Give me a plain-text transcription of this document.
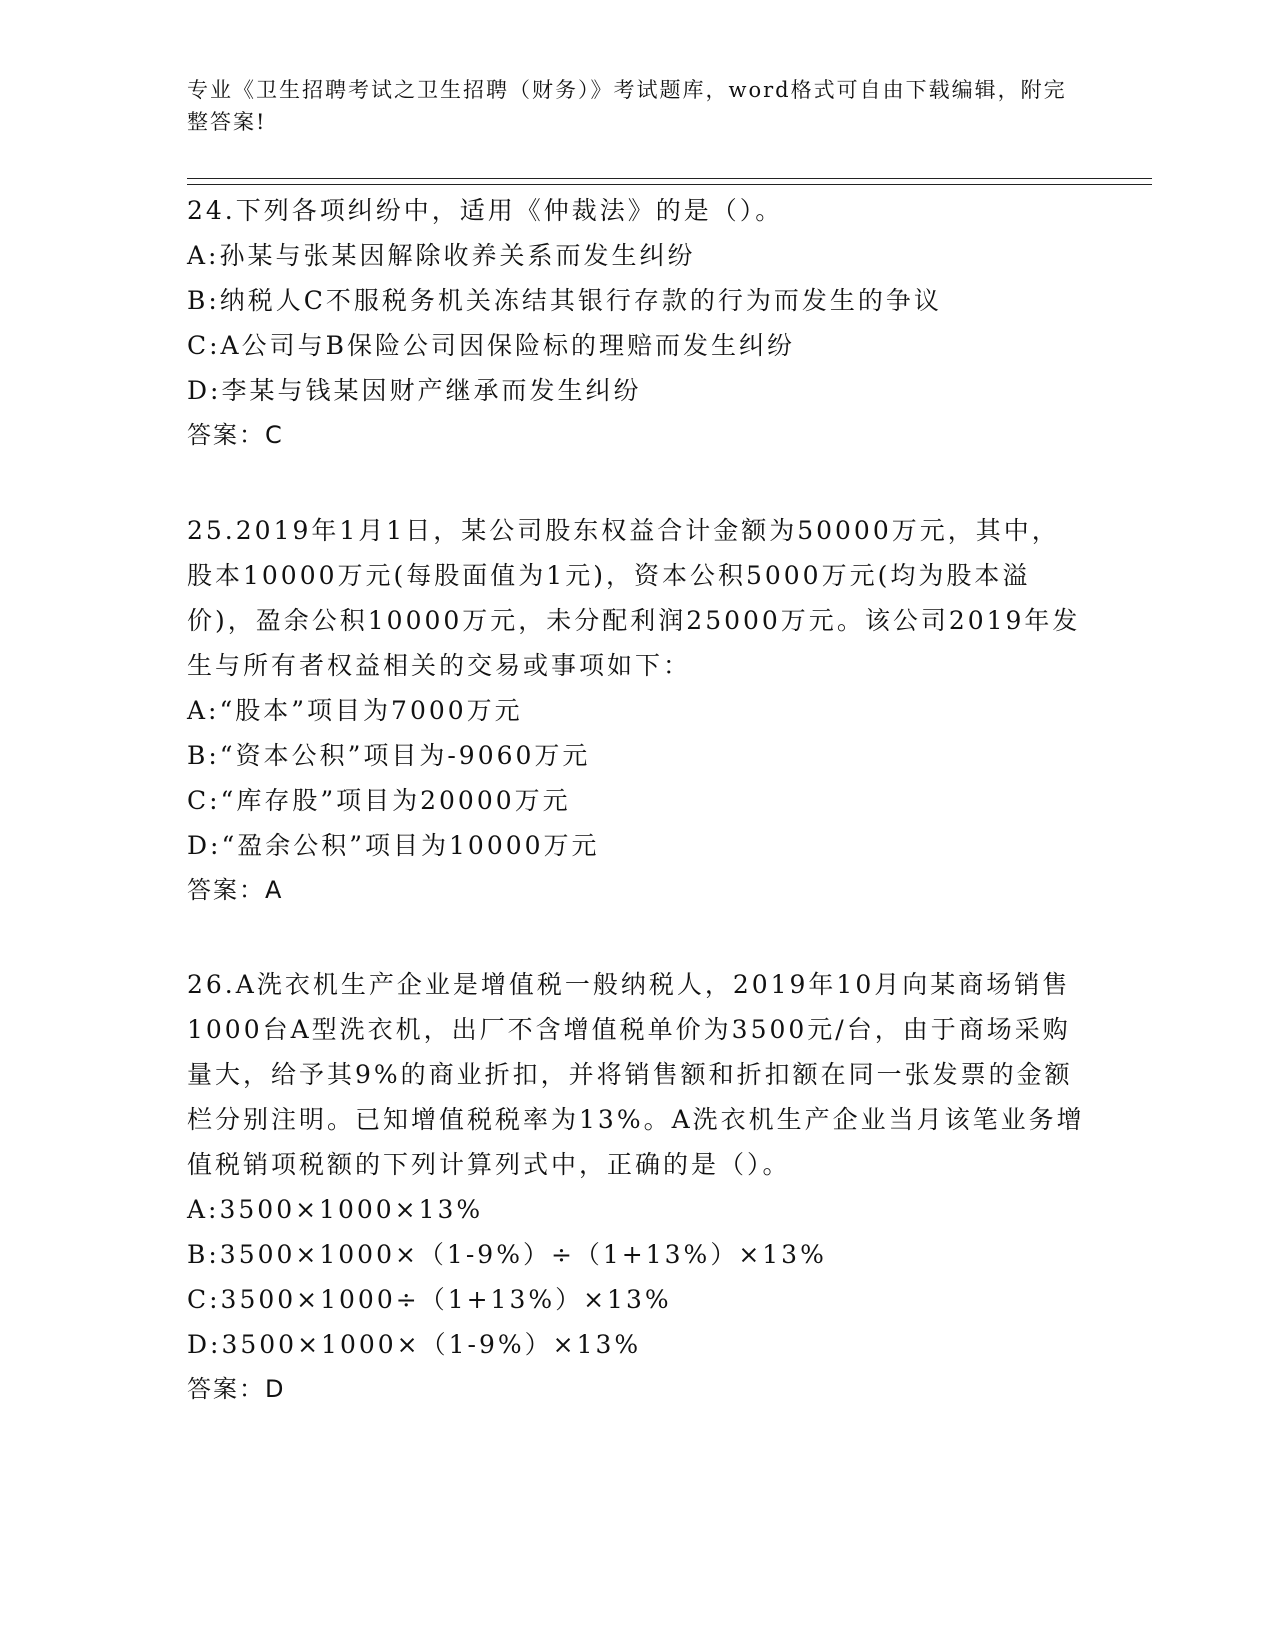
专业《卫生招聘考试之卫生招聘（财务）》考试题库，word格式可自由下载编辑，附完整答案!

24.下列各项纠纷中，适用《仲裁法》的是（）。

A:孙某与张某因解除收养关系而发生纠纷

B:纳税人C不服税务机关冻结其银行存款的行为而发生的争议

C:A公司与B保险公司因保险标的理赔而发生纠纷

D:李某与钱某因财产继承而发生纠纷

答案：C

25.2019年1月1日，某公司股东权益合计金额为50000万元，其中，股本10000万元(每股面值为1元)，资本公积5000万元(均为股本溢价)，盈余公积10000万元，未分配利润25000万元。该公司2019年发生与所有者权益相关的交易或事项如下：

A:“股本”项目为7000万元

B:“资本公积”项目为-9060万元

C:“库存股”项目为20000万元

D:“盈余公积”项目为10000万元

答案：A

26.A洗衣机生产企业是增值税一般纳税人，2019年10月向某商场销售1000台A型洗衣机，出厂不含增值税单价为3500元/台，由于商场采购量大，给予其9%的商业折扣，并将销售额和折扣额在同一张发票的金额栏分别注明。已知增值税税率为13%。A洗衣机生产企业当月该笔业务增值税销项税额的下列计算列式中，正确的是（）。

A:3500×1000×13%

B:3500×1000×（1-9%）÷（1+13%）×13%

C:3500×1000÷（1+13%）×13%

D:3500×1000×（1-9%）×13%

答案：D
